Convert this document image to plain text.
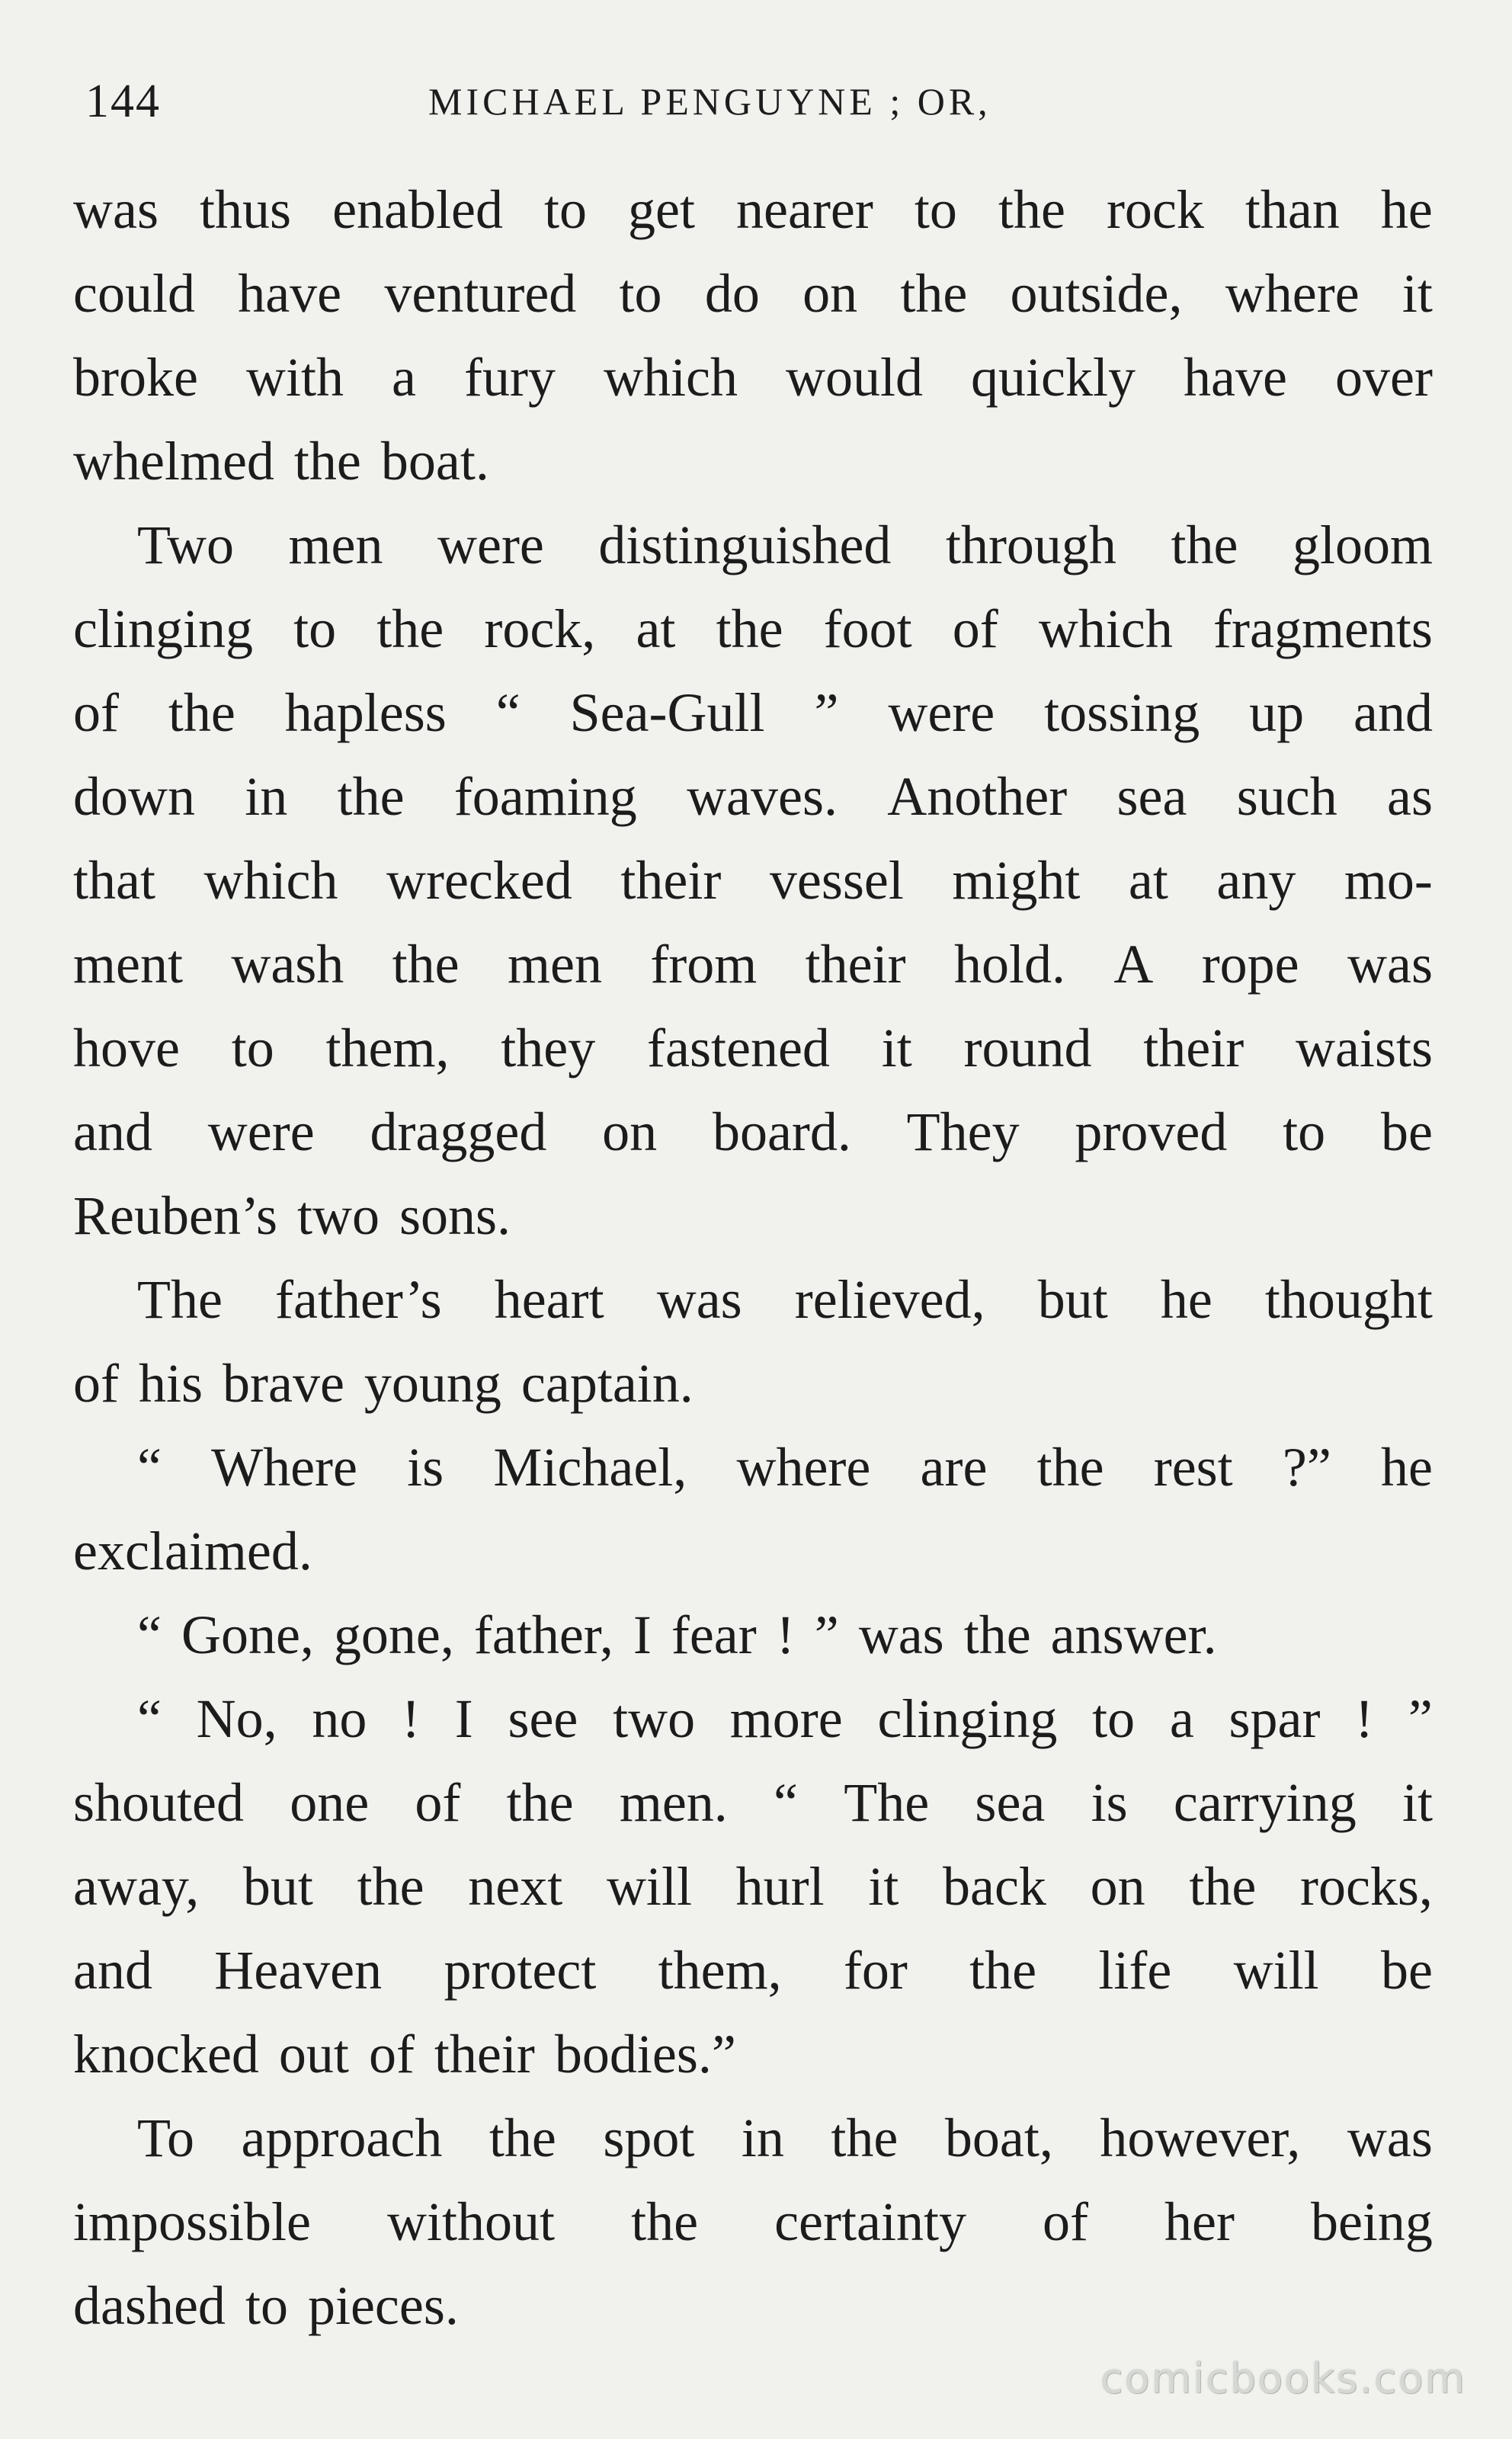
144	MICHAEL PENGUYNE ; OR,
was thus enabled to get nearer to the rock than he
could have ventured to do on the outside, where it
broke with a fury which would quickly have over
whelmed the boat.
Two men were distinguished through the gloom
clinging to the rock, at the foot of which fragments
of the hapless “ Sea-Gull ” were tossing up and
down in the foaming waves. Another sea such as
that which wrecked their vessel might at any mo-
ment wash the men from their hold. A rope was
hove to them, they fastened it round their waists
and were dragged on board. They proved to be
Reuben’s two sons.
The father’s heart was relieved, but he thought
of his brave young captain.
“ Where is Michael, where are the rest ?” he
exclaimed.
“ Gone, gone, father, I fear ! ” was the answer.
“ No, no ! I see two more clinging to a spar ! ”
shouted one of the men. “ The sea is carrying it
away, but the next will hurl it back on the rocks,
and Heaven protect them, for the life will be
knocked out of their bodies.”
To approach the spot in the boat, however, was
impossible without the certainty of her being
dashed to pieces.
comicbooks.com
